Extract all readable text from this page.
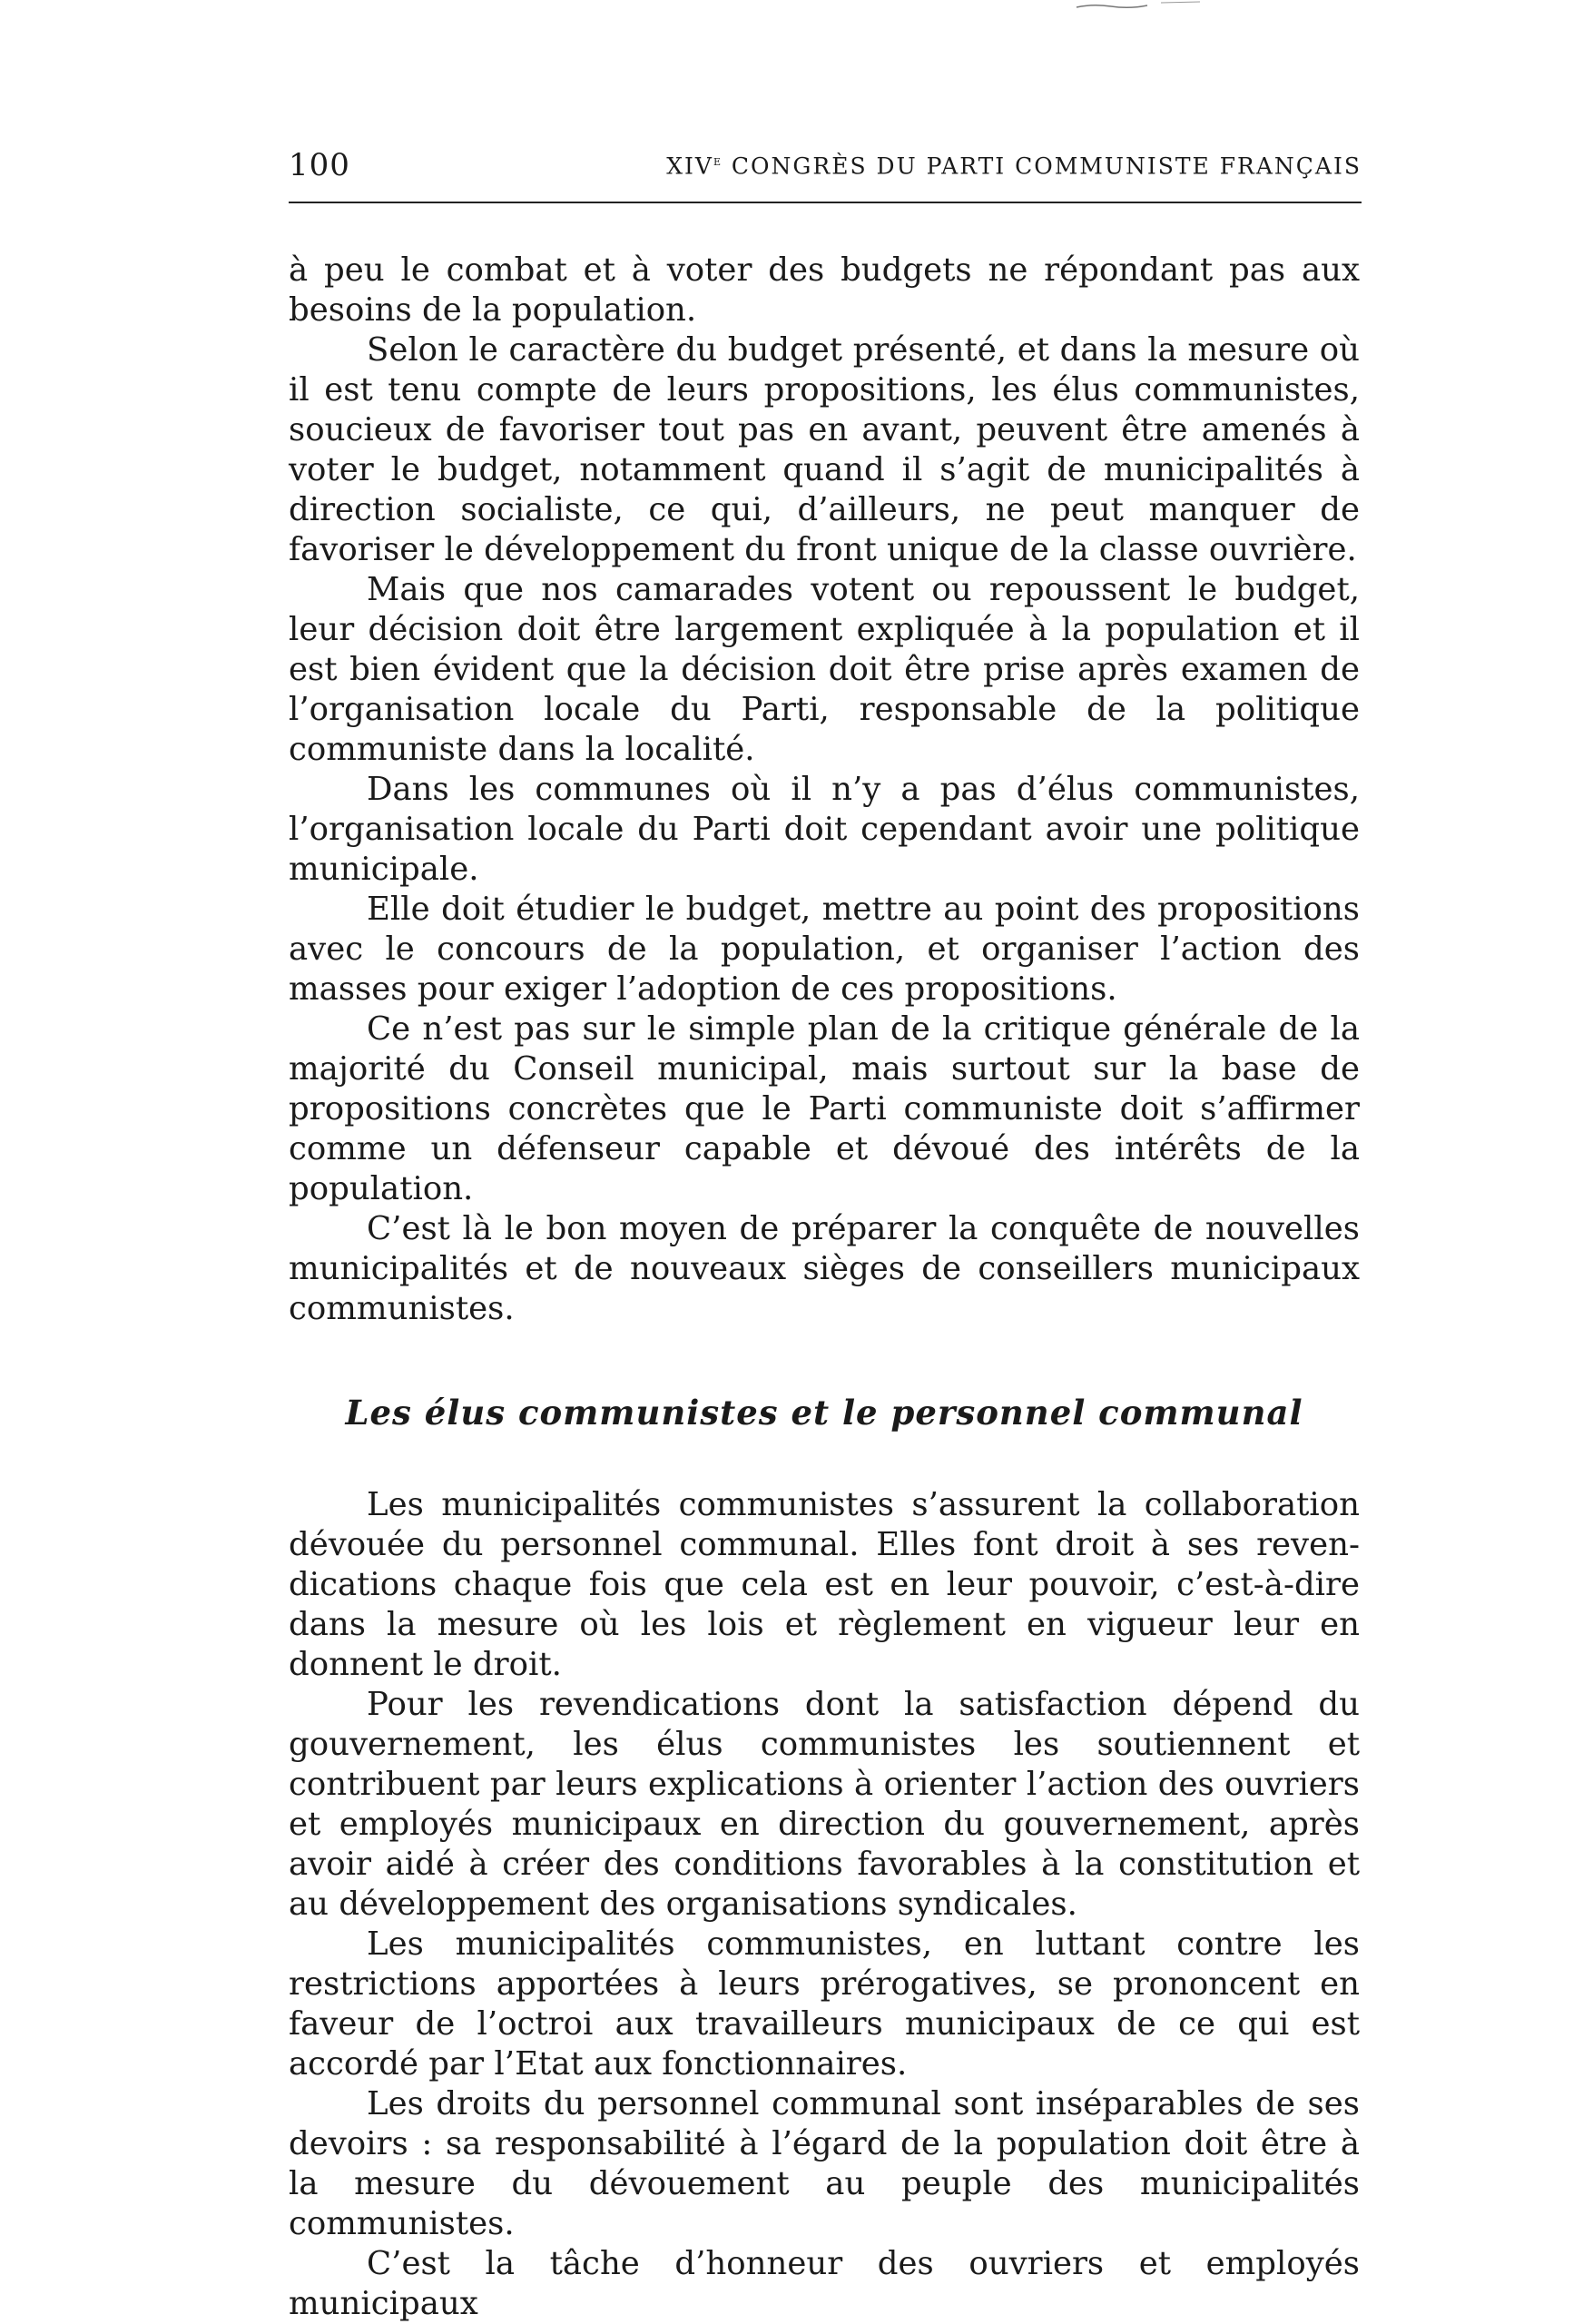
100	XIVe CONGRÈS DU PARTI COMMUNISTE FRANÇAIS

à peu le combat et à voter des budgets ne répondant pas aux besoins de la population.

Selon le caractère du budget présenté, et dans la mesure où il est tenu compte de leurs propositions, les élus communistes, soucieux de favoriser tout pas en avant, peuvent être amenés à voter le budget, notamment quand il s’agit de municipalités à direction socialiste, ce qui, d’ailleurs, ne peut manquer de favoriser le développement du front unique de la classe ouvrière.

Mais que nos camarades votent ou repoussent le budget, leur décision doit être largement expliquée à la population et il est bien évident que la décision doit être prise après examen de l’organisation locale du Parti, responsable de la politique communiste dans la localité.

Dans les communes où il n’y a pas d’élus communistes, l’organisation locale du Parti doit cependant avoir une politique municipale.

Elle doit étudier le budget, mettre au point des propositions avec le concours de la population, et organiser l’action des masses pour exiger l’adoption de ces propositions.

Ce n’est pas sur le simple plan de la critique générale de la majorité du Conseil municipal, mais surtout sur la base de propositions concrètes que le Parti communiste doit s’affirmer comme un défenseur capable et dévoué des intérêts de la population.

C’est là le bon moyen de préparer la conquête de nouvelles municipalités et de nouveaux sièges de conseillers municipaux communistes.

Les élus communistes et le personnel communal

Les municipalités communistes s’assurent la collaboration dévouée du personnel communal. Elles font droit à ses revendications chaque fois que cela est en leur pouvoir, c’est-à-dire dans la mesure où les lois et règlement en vigueur leur en donnent le droit.

Pour les revendications dont la satisfaction dépend du gouvernement, les élus communistes les soutiennent et contribuent par leurs explications à orienter l’action des ouvriers et employés municipaux en direction du gouvernement, après avoir aidé à créer des conditions favorables à la constitution et au développement des organisations syndicales.

Les municipalités communistes, en luttant contre les restrictions apportées à leurs prérogatives, se prononcent en faveur de l’octroi aux travailleurs municipaux de ce qui est accordé par l’Etat aux fonctionnaires.

Les droits du personnel communal sont inséparables de ses devoirs : sa responsabilité à l’égard de la population doit être à la mesure du dévouement au peuple des municipalités communistes.

C’est la tâche d’honneur des ouvriers et employés municipaux
